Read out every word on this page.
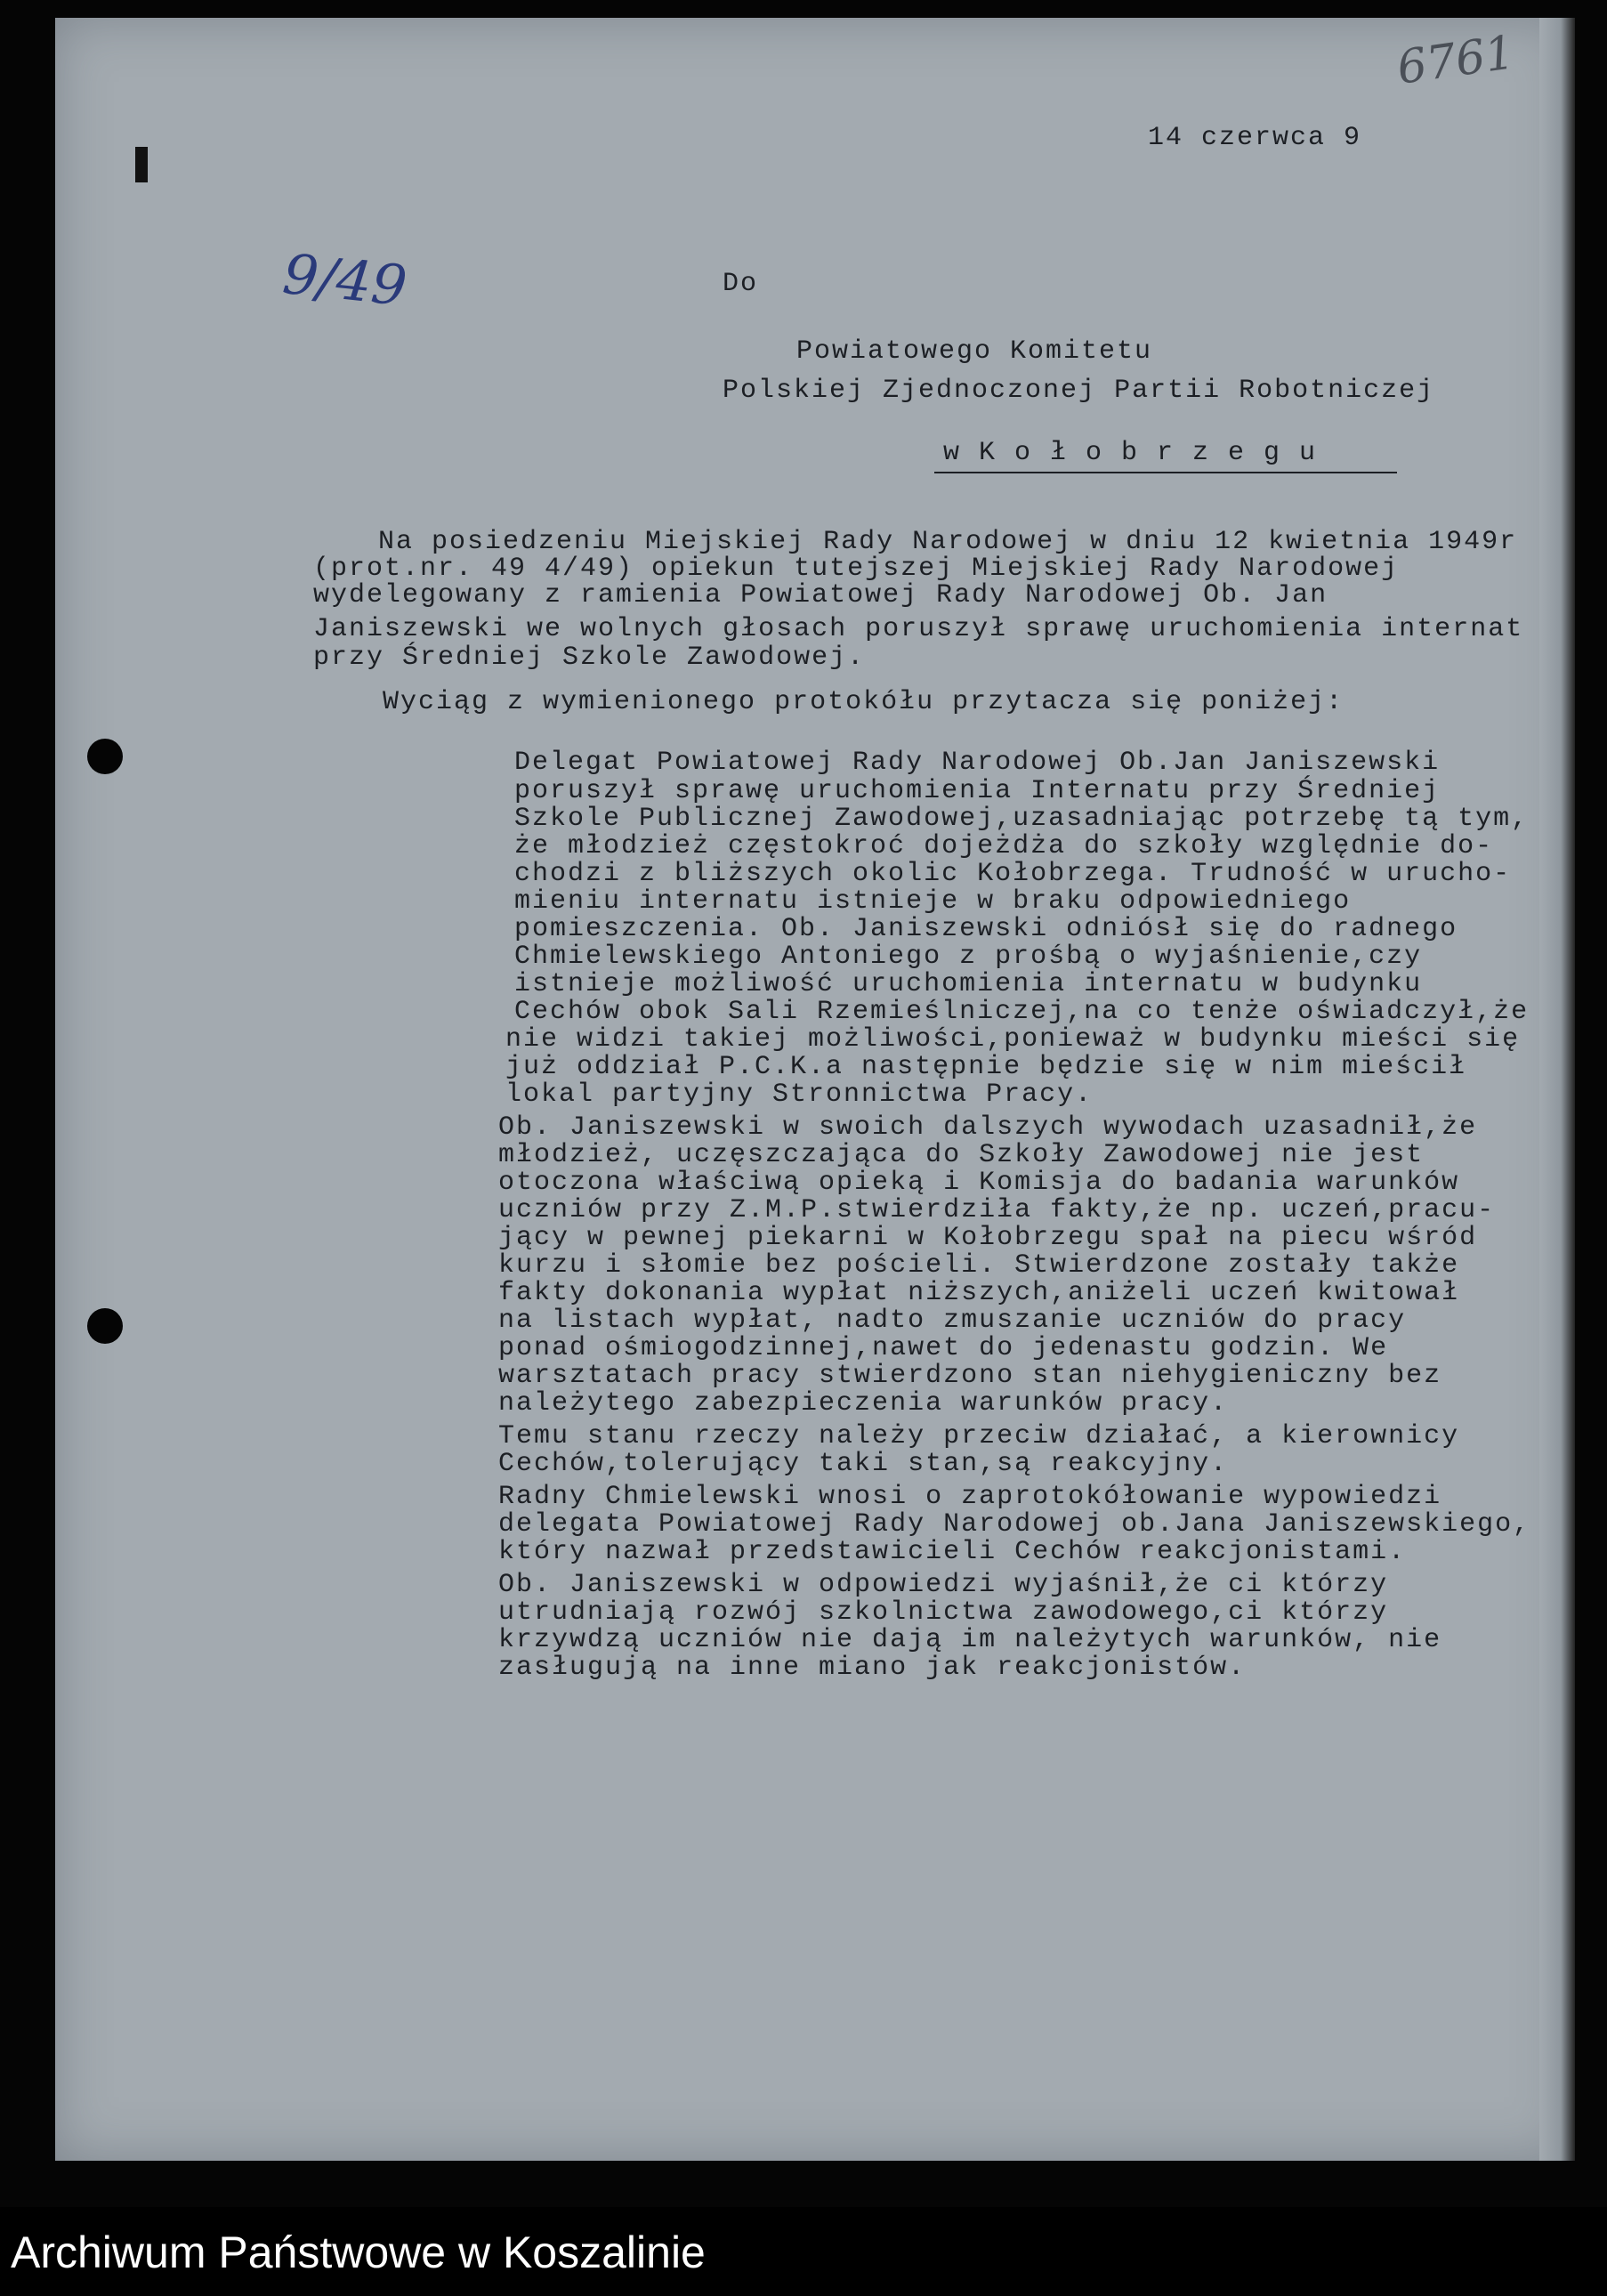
14 czerwca 9
6761
9/49	Do
Powiatowego Komitetu
Polskiej Zjednoczonej Partii Robotniczej
w K o ł o b r z e g u
Na posiedzeniu Miejskiej Rady Narodowej w dniu 12 kwietnia 1949r
(prot.nr. 49 4/49) opiekun tutejszej Miejskiej Rady Narodowej
wydelegowany z ramienia Powiatowej Rady Narodowej Ob. Jan
Janiszewski we wolnych głosach poruszył sprawę uruchomienia internat
przy Średniej Szkole Zawodowej.
Wyciąg z wymienionego protokółu przytacza się poniżej:
Delegat Powiatowej Rady Narodowej Ob.Jan Janiszewski
poruszył sprawę uruchomienia Internatu przy Średniej
Szkole Publicznej Zawodowej,uzasadniając potrzebę tą tym,
że młodzież częstokroć dojeżdża do szkoły względnie do-
chodzi z bliższych okolic Kołobrzega. Trudność w urucho-
mieniu internatu istnieje w braku odpowiedniego
pomieszczenia. Ob. Janiszewski odniósł się do radnego
Chmielewskiego Antoniego z prośbą o wyjaśnienie,czy
istnieje możliwość uruchomienia internatu w budynku
Cechów obok Sali Rzemieślniczej,na co tenże oświadczył,że
nie widzi takiej możliwości,ponieważ w budynku mieści się
już oddział P.C.K.a następnie będzie się w nim mieścił
lokal partyjny Stronnictwa Pracy.
Ob. Janiszewski w swoich dalszych wywodach uzasadnił,że
młodzież, uczęszczająca do Szkoły Zawodowej nie jest
otoczona właściwą opieką i Komisja do badania warunków
uczniów przy Z.M.P.stwierdziła fakty,że np. uczeń,pracu-
jący w pewnej piekarni w Kołobrzegu spał na piecu wśród
kurzu i słomie bez pościeli. Stwierdzone zostały także
fakty dokonania wypłat niższych,aniżeli uczeń kwitował
na listach wypłat, nadto zmuszanie uczniów do pracy
ponad ośmiogodzinnej,nawet do jedenastu godzin. We
warsztatach pracy stwierdzono stan niehygieniczny bez
należytego zabezpieczenia warunków pracy.
Temu stanu rzeczy należy przeciw działać, a kierownicy
Cechów,tolerujący taki stan,są reakcyjny.
Radny Chmielewski wnosi o zaprotokółowanie wypowiedzi
delegata Powiatowej Rady Narodowej ob.Jana Janiszewskiego,
który nazwał przedstawicieli Cechów reakcjonistami.
Ob. Janiszewski w odpowiedzi wyjaśnił,że ci którzy
utrudniają rozwój szkolnictwa zawodowego,ci którzy
krzywdzą uczniów nie dają im należytych warunków, nie
zasługują na inne miano jak reakcjonistów.
Archiwum Państwowe w Koszalinie
